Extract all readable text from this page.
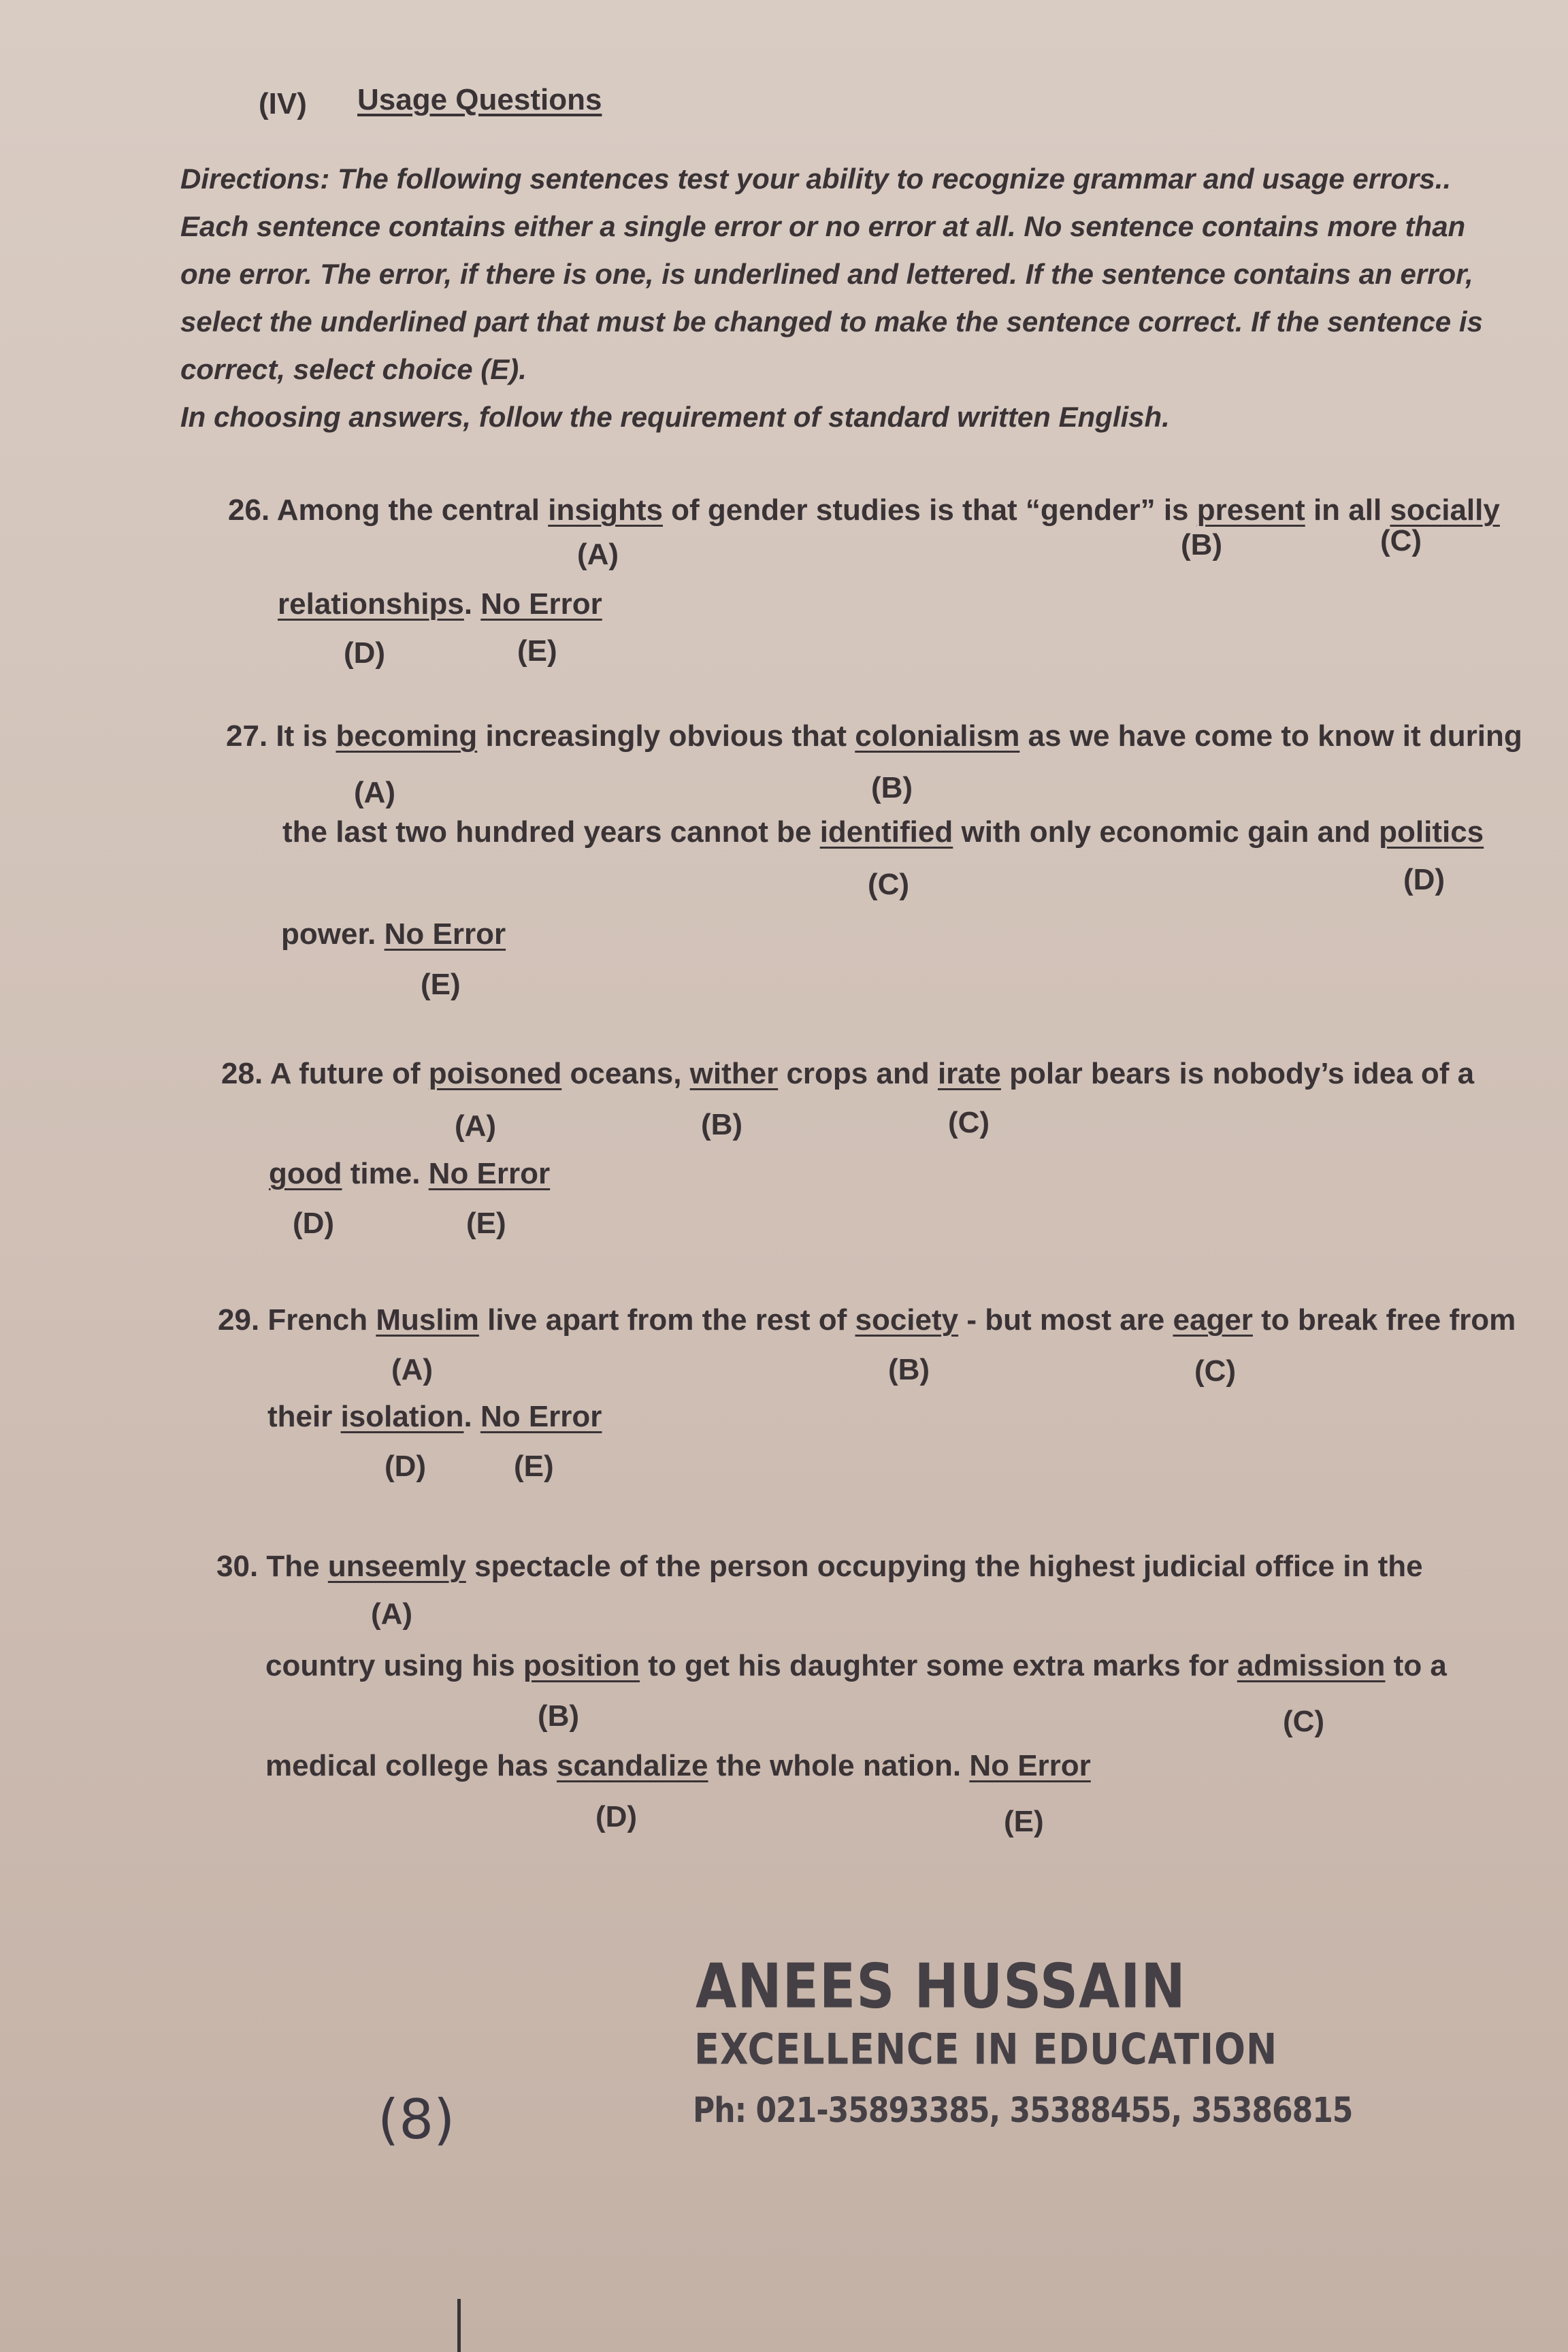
(IV) Usage Questions

Directions: The following sentences test your ability to recognize grammar and usage errors..

Each sentence contains either a single error or no error at all. No sentence contains more than

one error. The error, if there is one, is underlined and lettered. If the sentence contains an error,

select the underlined part that must be changed to make the sentence correct. If the sentence is

correct, select choice (E).

In choosing answers, follow the requirement of standard written English.

26. Among the central insights of gender studies is that “gender” is present in all socially
(A)	(B)	(C)
relationships. No Error
(D)	(E)
27. It is becoming increasingly obvious that colonialism as we have come to know it during
(A)	(B)
the last two hundred years cannot be identified with only economic gain and politics
(C)	(D)
power. No Error
(E)
28. A future of poisoned oceans, wither crops and irate polar bears is nobody’s idea of a
(A)	(B)	(C)
good time. No Error
(D)	(E)
29. French Muslim live apart from the rest of society - but most are eager to break free from
(A)	(B)	(C)
their isolation. No Error
(D)	(E)
30. The unseemly spectacle of the person occupying the highest judicial office in the
(A)
country using his position to get his daughter some extra marks for admission to a
(B)	(C)
medical college has scandalize the whole nation. No Error
(D)	(E)
ANEES HUSSAIN
EXCELLENCE IN EDUCATION
Ph: 021-35893385, 35388455, 35386815
(8)
